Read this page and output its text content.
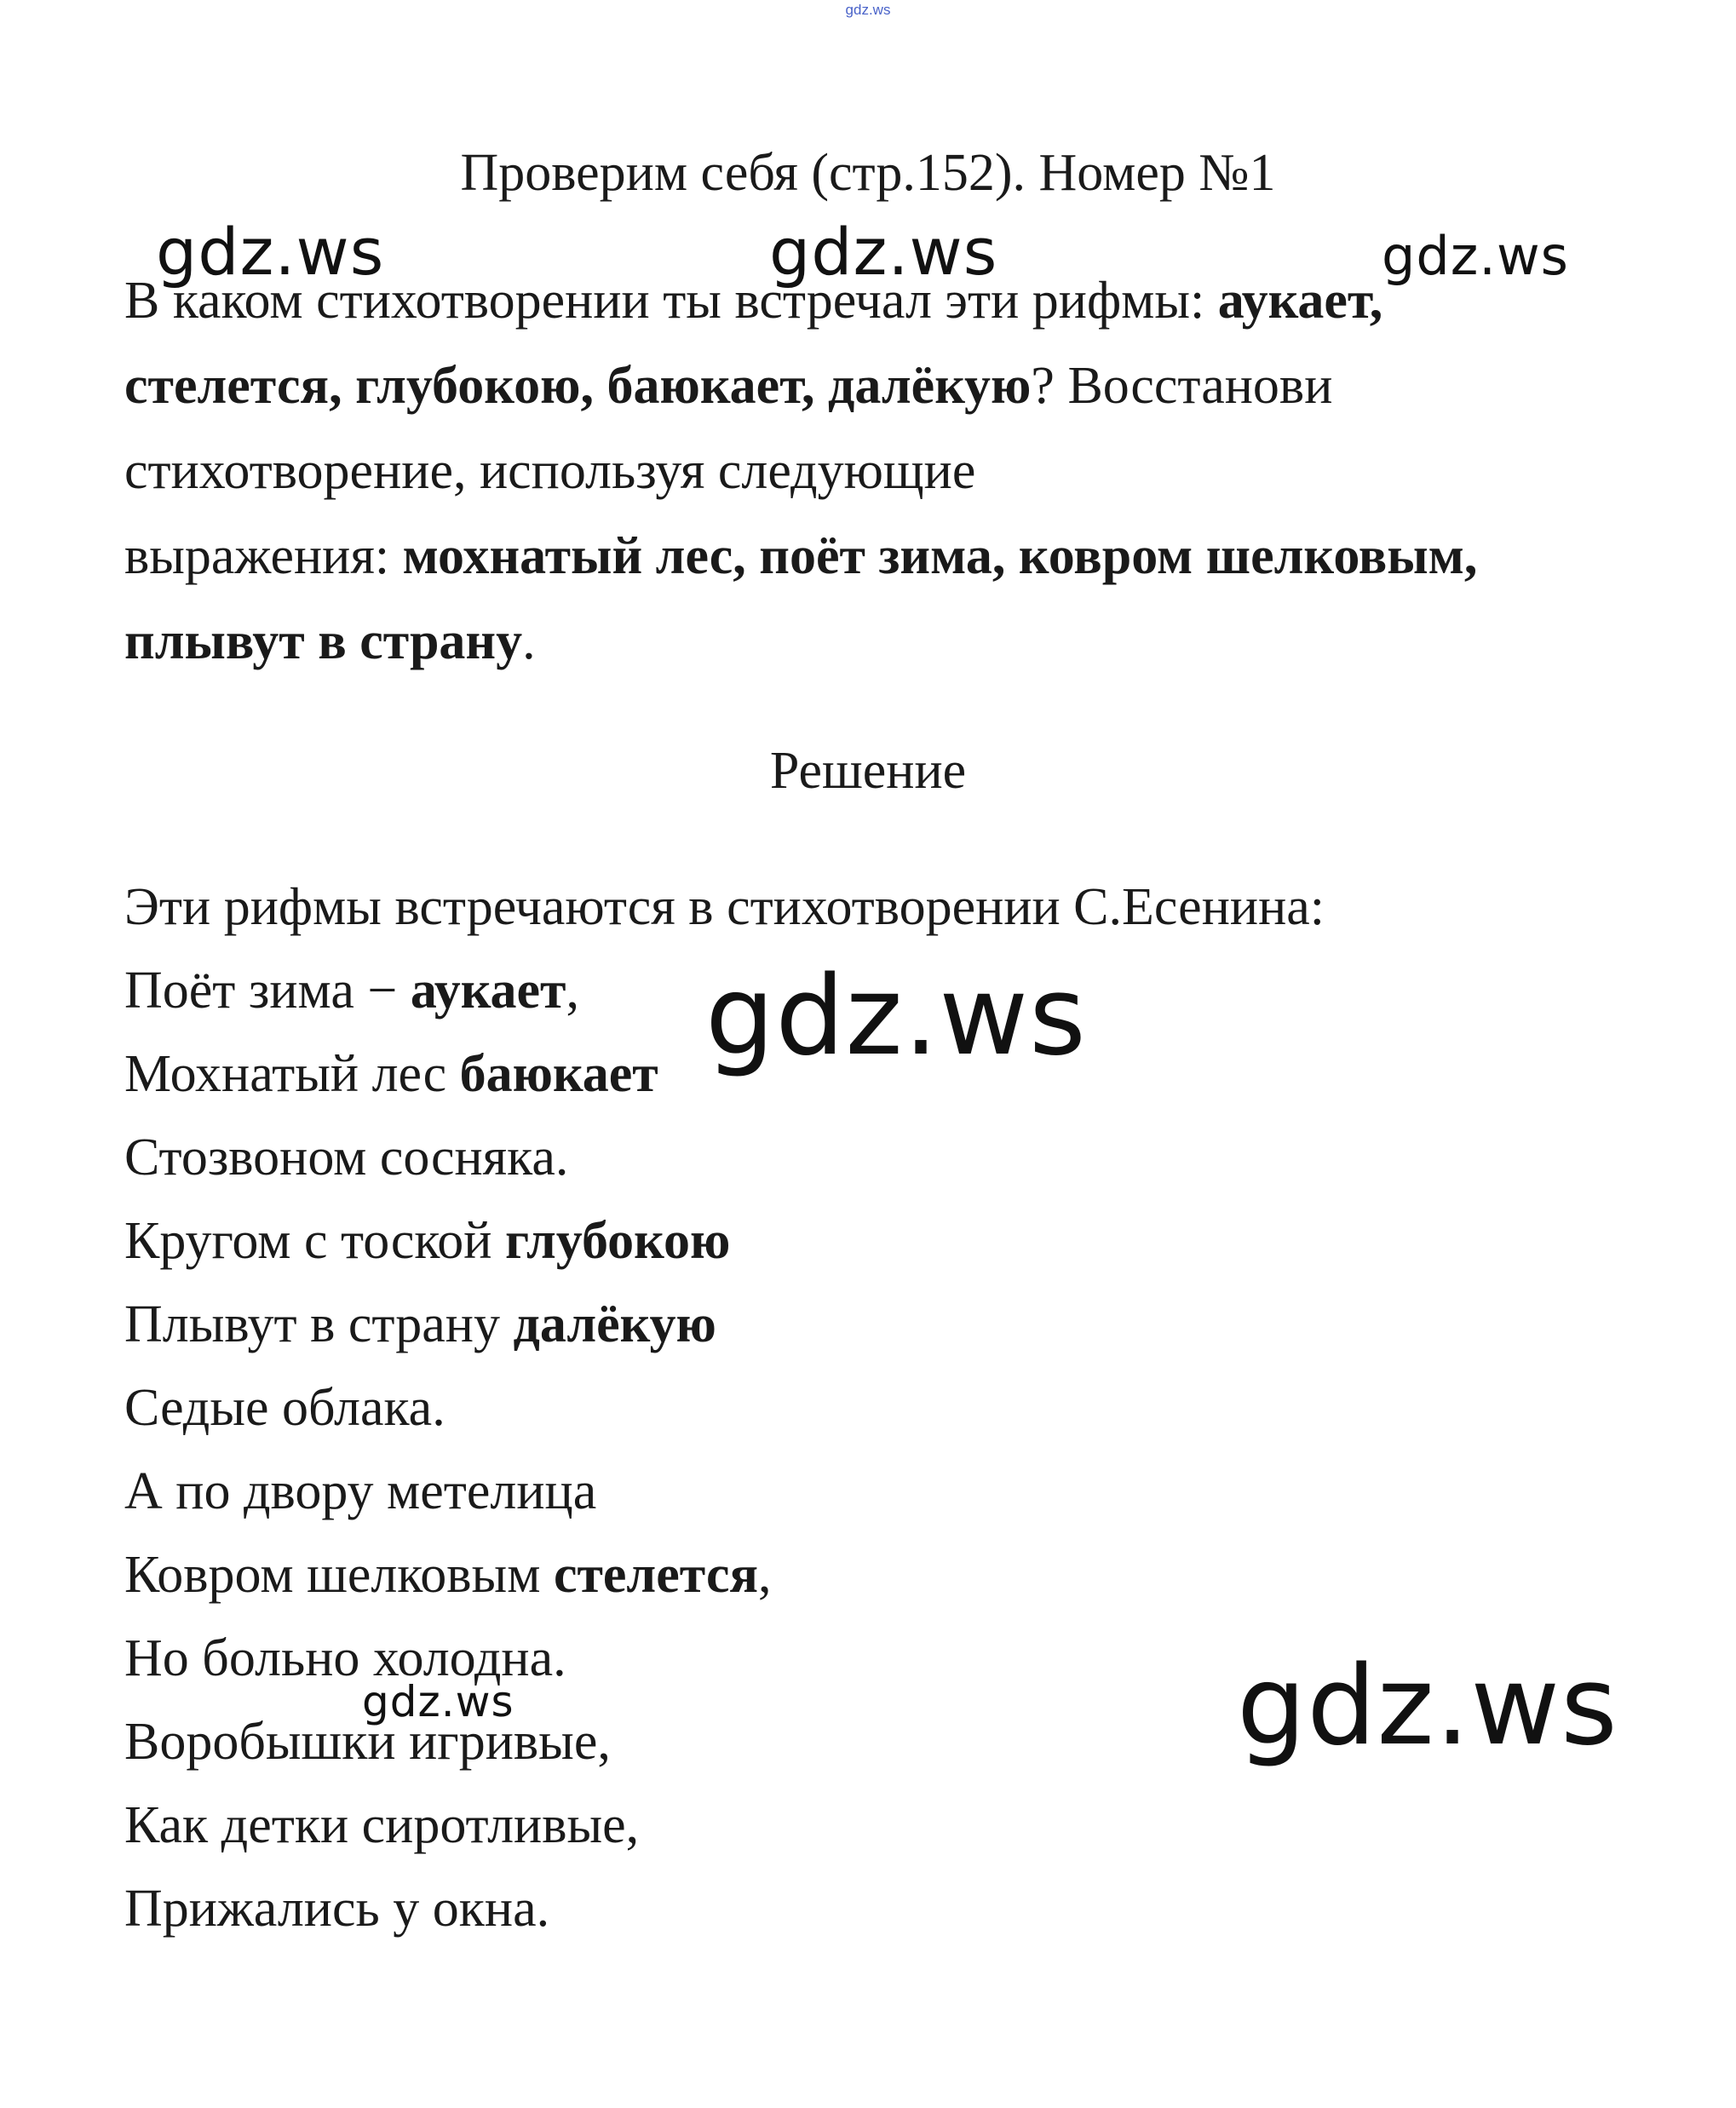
gdz.ws
Проверим себя (стр.152). Номер №1
В каком стихотворении ты встречал эти рифмы: аукает,
стелется, глубокою, баюкает, далёкую? Восстанови
стихотворение, используя следующие
выражения: мохнатый лес, поёт зима, ковром шелковым,
плывут в страну.
Решение
Эти рифмы встречаются в стихотворении С.Есенина:
Поёт зима − аукает,
Мохнатый лес баюкает
Стозвоном сосняка.
Кругом с тоской глубокою
Плывут в страну далёкую
Седые облака.
А по двору метелица
Ковром шелковым стелется,
Но больно холодна.
Воробышки игривые,
Как детки сиротливые,
Прижались у окна.
gdz.ws	gdz.ws	gdz.ws
gdz.ws
gdz.ws
gdz.ws
